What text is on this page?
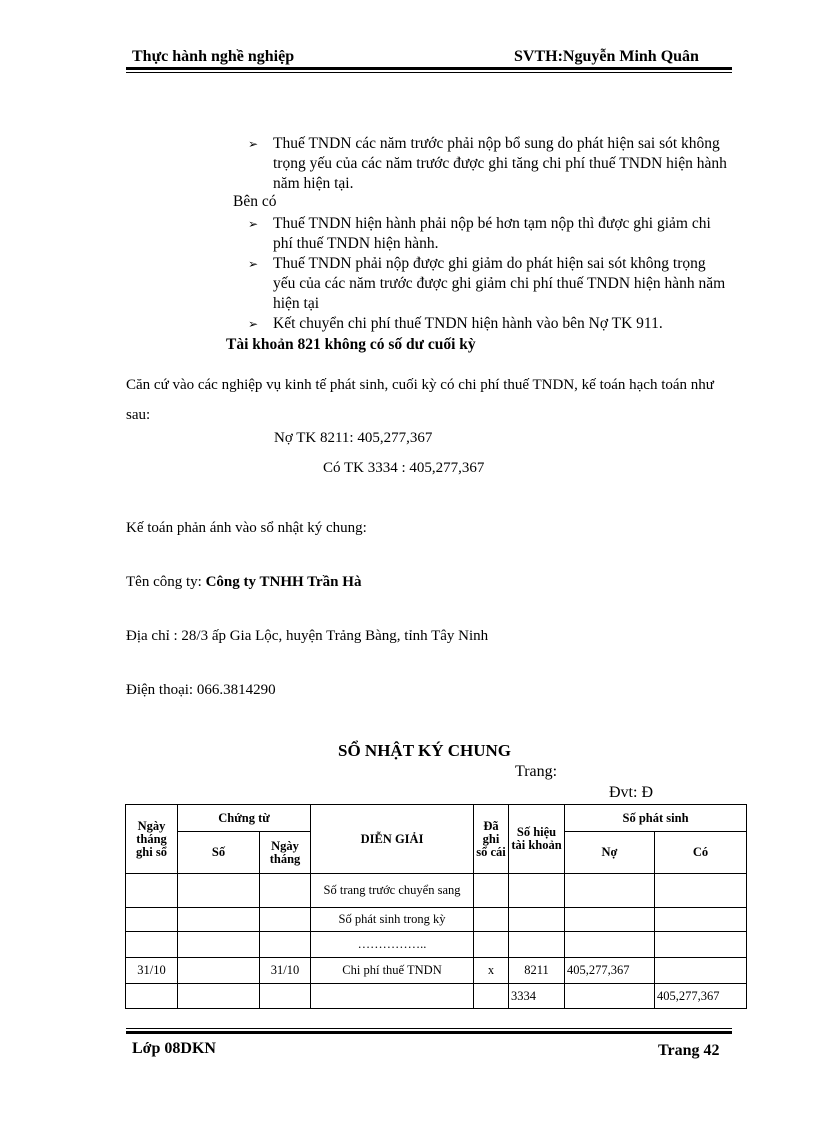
Thực hành nghề nghiệp	SVTH:Nguyễn Minh Quân
➢ Thuế TNDN các năm trước phải nộp bổ sung do phát hiện sai sót không trọng yếu của các năm trước được ghi tăng chi phí thuế TNDN hiện hành năm hiện tại.
Bên có
➢ Thuế TNDN hiện hành phải nộp bé hơn tạm nộp thì được ghi giảm chi phí thuế TNDN hiện hành.
➢ Thuế TNDN phải nộp được ghi giảm do phát hiện sai sót không trọng yếu của các năm trước được ghi giảm chi phí thuế TNDN hiện hành năm hiện tại
➢ Kết chuyển chi phí thuế TNDN hiện hành vào bên Nợ TK 911.
Tài khoản 821 không có số dư cuối kỳ
Căn cứ vào các nghiệp vụ kinh tế phát sinh, cuối kỳ có chi phí thuế TNDN, kế toán hạch toán như sau:
Nợ TK 8211: 405,277,367
Có TK 3334 : 405,277,367
Kế toán phản ánh vào sổ nhật ký chung:
Tên công ty: Công ty TNHH Trần Hà
Địa chỉ : 28/3 ấp Gia Lộc, huyện Trảng Bàng, tỉnh Tây Ninh
Điện thoại: 066.3814290
SỔ NHẬT KÝ CHUNG
Trang:
Đvt: Đ
Ngày tháng ghi sổ	Chứng từ		DIỄN GIẢI	Đã ghi sổ cái	Số hiệu tài khoản	Số phát sinh	
	Số	Ngày tháng				Nợ	Có
			Số trang trước chuyển sang				
			Số phát sinh trong kỳ				
			……………..				
31/10		31/10	Chi phí thuế TNDN	x	8211	405,277,367	
					3334		405,277,367
Lớp 08DKN	Trang 42
